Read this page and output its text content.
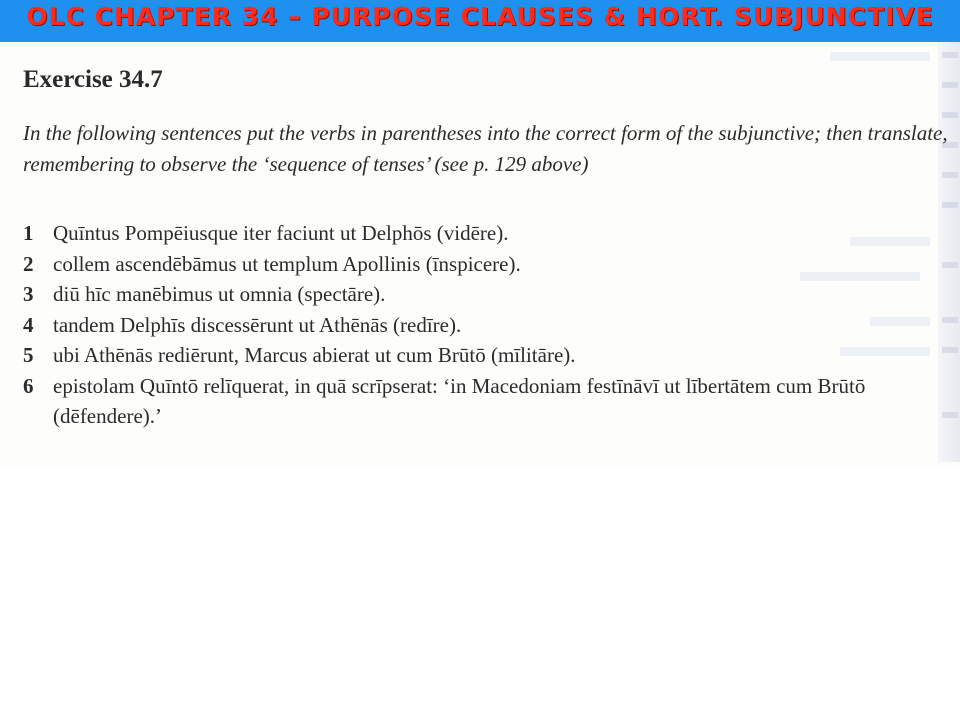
OLC CHAPTER 34 – PURPOSE CLAUSES & HORT. SUBJUNCTIVE
Exercise 34.7
In the following sentences put the verbs in parentheses into the correct form of the subjunctive; then translate, remembering to observe the ‘sequence of tenses’ (see p. 129 above)
1 Quīntus Pompēiusque iter faciunt ut Delphōs (vidēre).
2 collem ascendēbāmus ut templum Apollinis (īnspicere).
3 diū hīc manēbimus ut omnia (spectāre).
4 tandem Delphīs discessērunt ut Athēnās (redīre).
5 ubi Athēnās rediērunt, Marcus abierat ut cum Brūtō (mīlitāre).
6 epistolam Quīntō relīquerat, in quā scrīpserat: ‘in Macedoniam festīnāvī ut lībertātem cum Brūtō (dēfendere).’
